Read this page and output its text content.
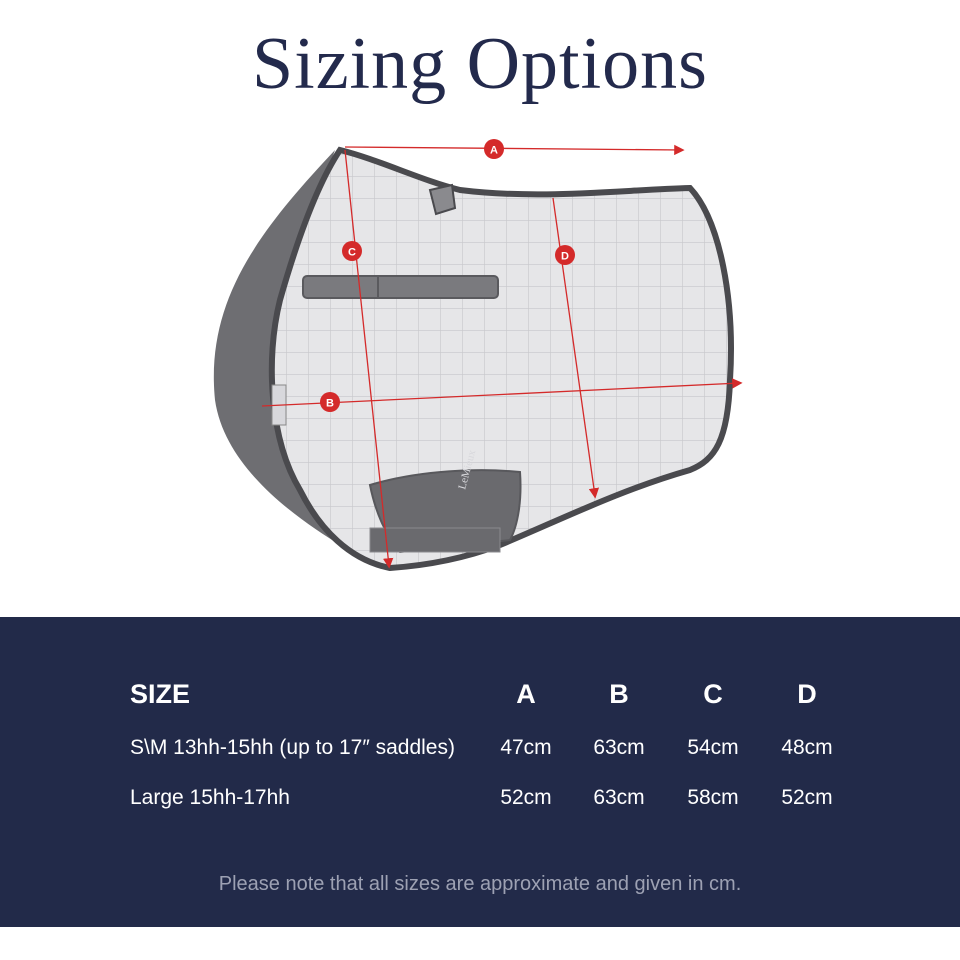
Sizing Options
LeMieux
A
B
C	D
SIZE	A	B	C	D
S\M 13hh-15hh (up to 17″ saddles) 47cm 63cm 54cm 48cm
Large 15hh-17hh	52cm 63cm 58cm 52cm
Please note that all sizes are approximate and given in cm.
